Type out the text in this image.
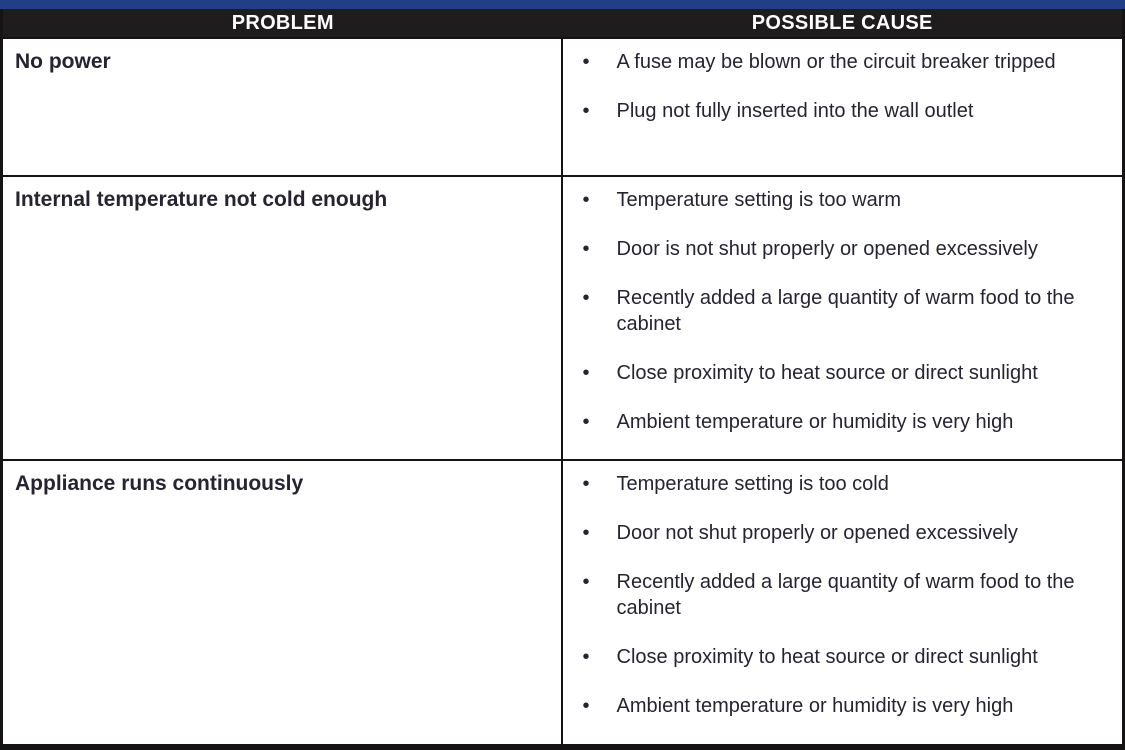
PROBLEM	POSSIBLE CAUSE
No power	•	A fuse may be blown or the circuit breaker tripped
•	Plug not fully inserted into the wall outlet
Internal temperature not cold enough	•	Temperature setting is too warm
•	Door is not shut properly or opened excessively
•	Recently added a large quantity of warm food to the cabinet
•	Close proximity to heat source or direct sunlight
•	Ambient temperature or humidity is very high
Appliance runs continuously	•	Temperature setting is too cold
•	Door not shut properly or opened excessively
•	Recently added a large quantity of warm food to the cabinet
•	Close proximity to heat source or direct sunlight
•	Ambient temperature or humidity is very high
